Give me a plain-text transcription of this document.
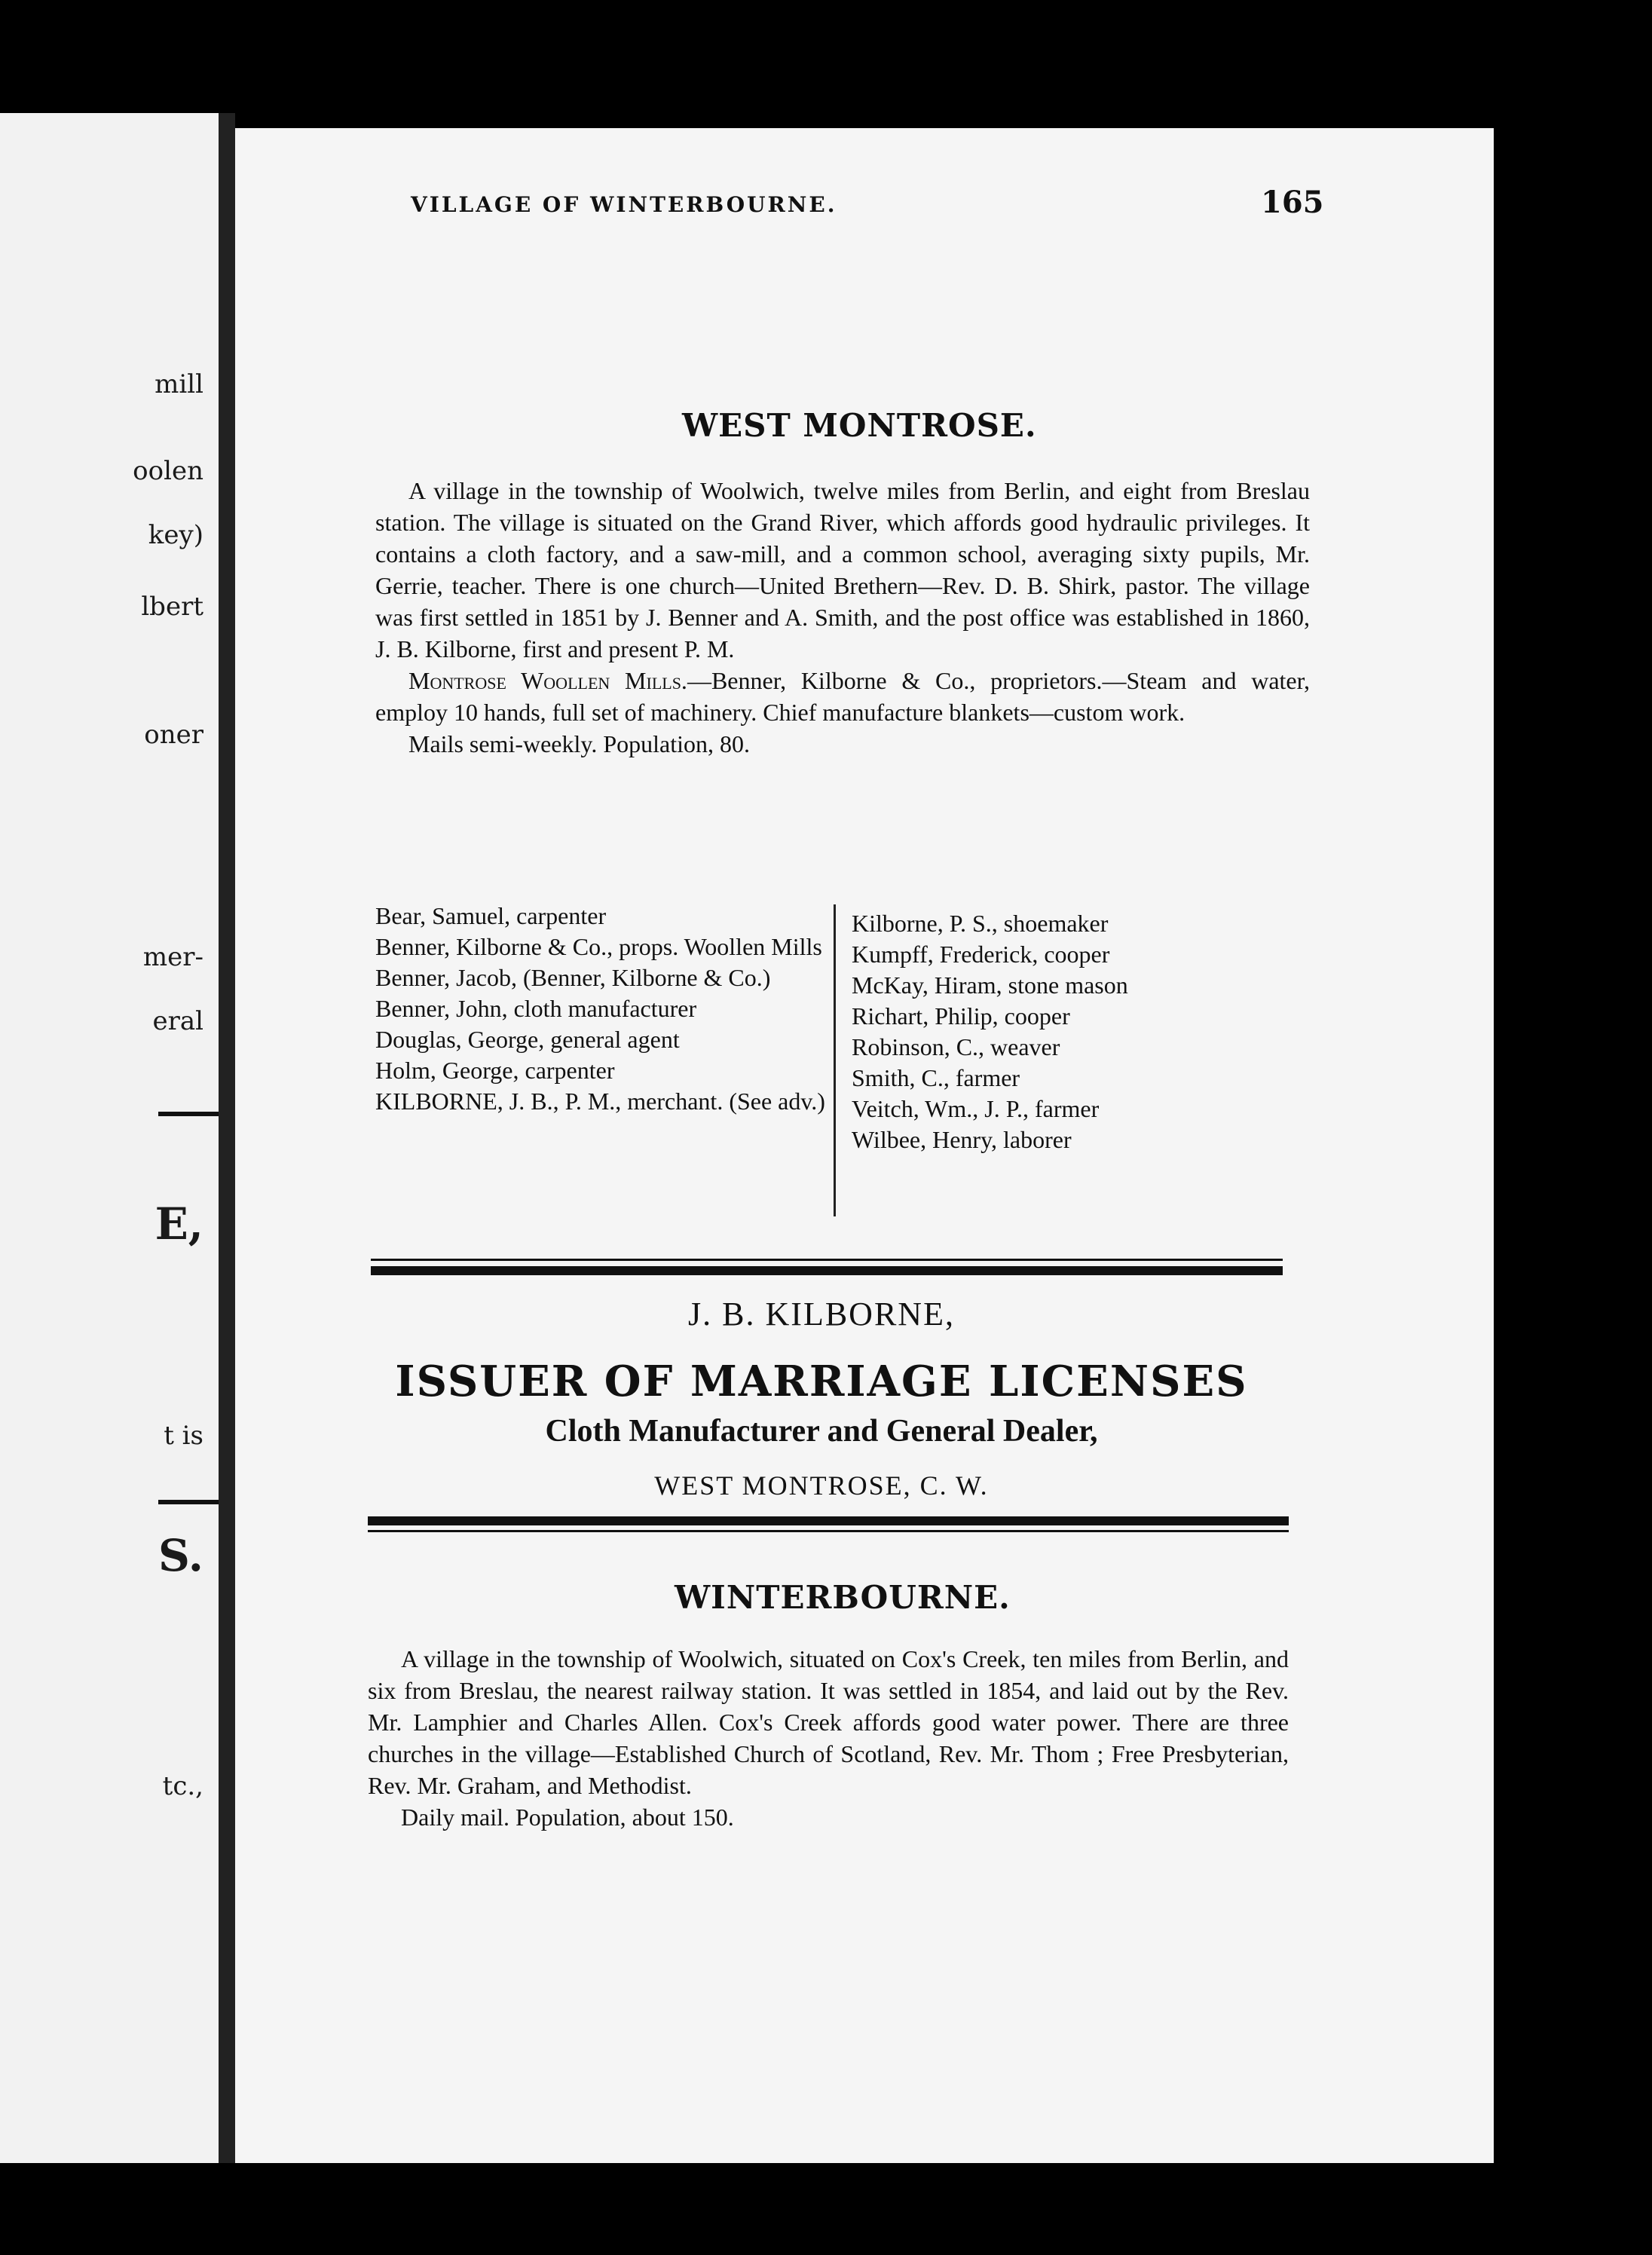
mill
oolen
key)
lbert
oner
mer-
eral
E,
t is
S.
tc.,
VILLAGE OF WINTERBOURNE.	165
WEST MONTROSE.

A village in the township of Woolwich, twelve miles from Berlin, and eight from Breslau station. The village is situated on the Grand River, which affords good hydraulic privileges. It contains a cloth factory, and a saw-mill, and a common school, averaging sixty pupils, Mr. Gerrie, teacher. There is one church—United Brethern—Rev. D. B. Shirk, pastor. The village was first settled in 1851 by J. Benner and A. Smith, and the post office was established in 1860, J. B. Kilborne, first and present P. M.

Montrose Woollen Mills.—Benner, Kilborne & Co., proprietors.—Steam and water, employ 10 hands, full set of machinery. Chief manufacture blankets—custom work.

Mails semi-weekly. Population, 80.

Bear, Samuel, carpenter
Benner, Kilborne & Co., props. Woollen Mills
Benner, Jacob, (Benner, Kilborne & Co.)
Benner, John, cloth manufacturer
Douglas, George, general agent
Holm, George, carpenter
KILBORNE, J. B., P. M., merchant. (See adv.)
Kilborne, P. S., shoemaker
Kumpff, Frederick, cooper
McKay, Hiram, stone mason
Richart, Philip, cooper
Robinson, C., weaver
Smith, C., farmer
Veitch, Wm., J. P., farmer
Wilbee, Henry, laborer
J. B. KILBORNE,
ISSUER OF MARRIAGE LICENSES
Cloth Manufacturer and General Dealer,
WEST MONTROSE, C. W.
WINTERBOURNE.

A village in the township of Woolwich, situated on Cox's Creek, ten miles from Berlin, and six from Breslau, the nearest railway station. It was settled in 1854, and laid out by the Rev. Mr. Lamphier and Charles Allen. Cox's Creek affords good water power. There are three churches in the village—Established Church of Scotland, Rev. Mr. Thom ; Free Presbyterian, Rev. Mr. Graham, and Methodist.

Daily mail. Population, about 150.
